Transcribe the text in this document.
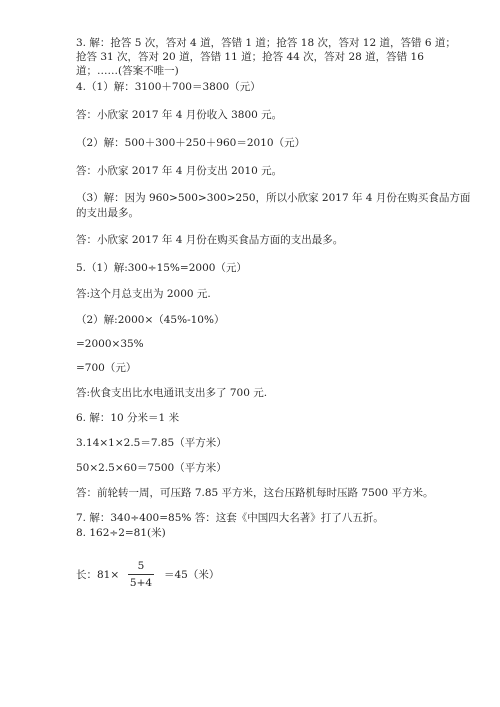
3. 解：抢答 5 次，答对 4 道，答错 1 道；抢答 18 次，答对 12 道，答错 6 道；
抢答 31 次，答对 20 道，答错 11 道；抢答 44 次，答对 28 道，答错 16
道；……(答案不唯一)
4.（1）解：3100＋700＝3800（元）
答：小欣家 2017 年 4 月份收入 3800 元。
（2）解：500＋300＋250＋960＝2010（元）
答：小欣家 2017 年 4 月份支出 2010 元。
（3）解：因为 960>500>300>250，所以小欣家 2017 年 4 月份在购买食品方面
的支出最多。
答：小欣家 2017 年 4 月份在购买食品方面的支出最多。
5.（1）解:300÷15%=2000（元）
答:这个月总支出为 2000 元.
（2）解:2000×（45%-10%）
=2000×35%
=700（元）
答:伙食支出比水电通讯支出多了 700 元.
6. 解：10 分米＝1 米
3.14×1×2.5＝7.85（平方米）
50×2.5×60＝7500（平方米）
答：前轮转一周，可压路 7.85 平方米，这台压路机每时压路 7500 平方米。
7. 解：340÷400=85% 答：这套《中国四大名著》打了八五折。
8. 162÷2=81(米)
长：81×
5
5+4
＝45（米）
